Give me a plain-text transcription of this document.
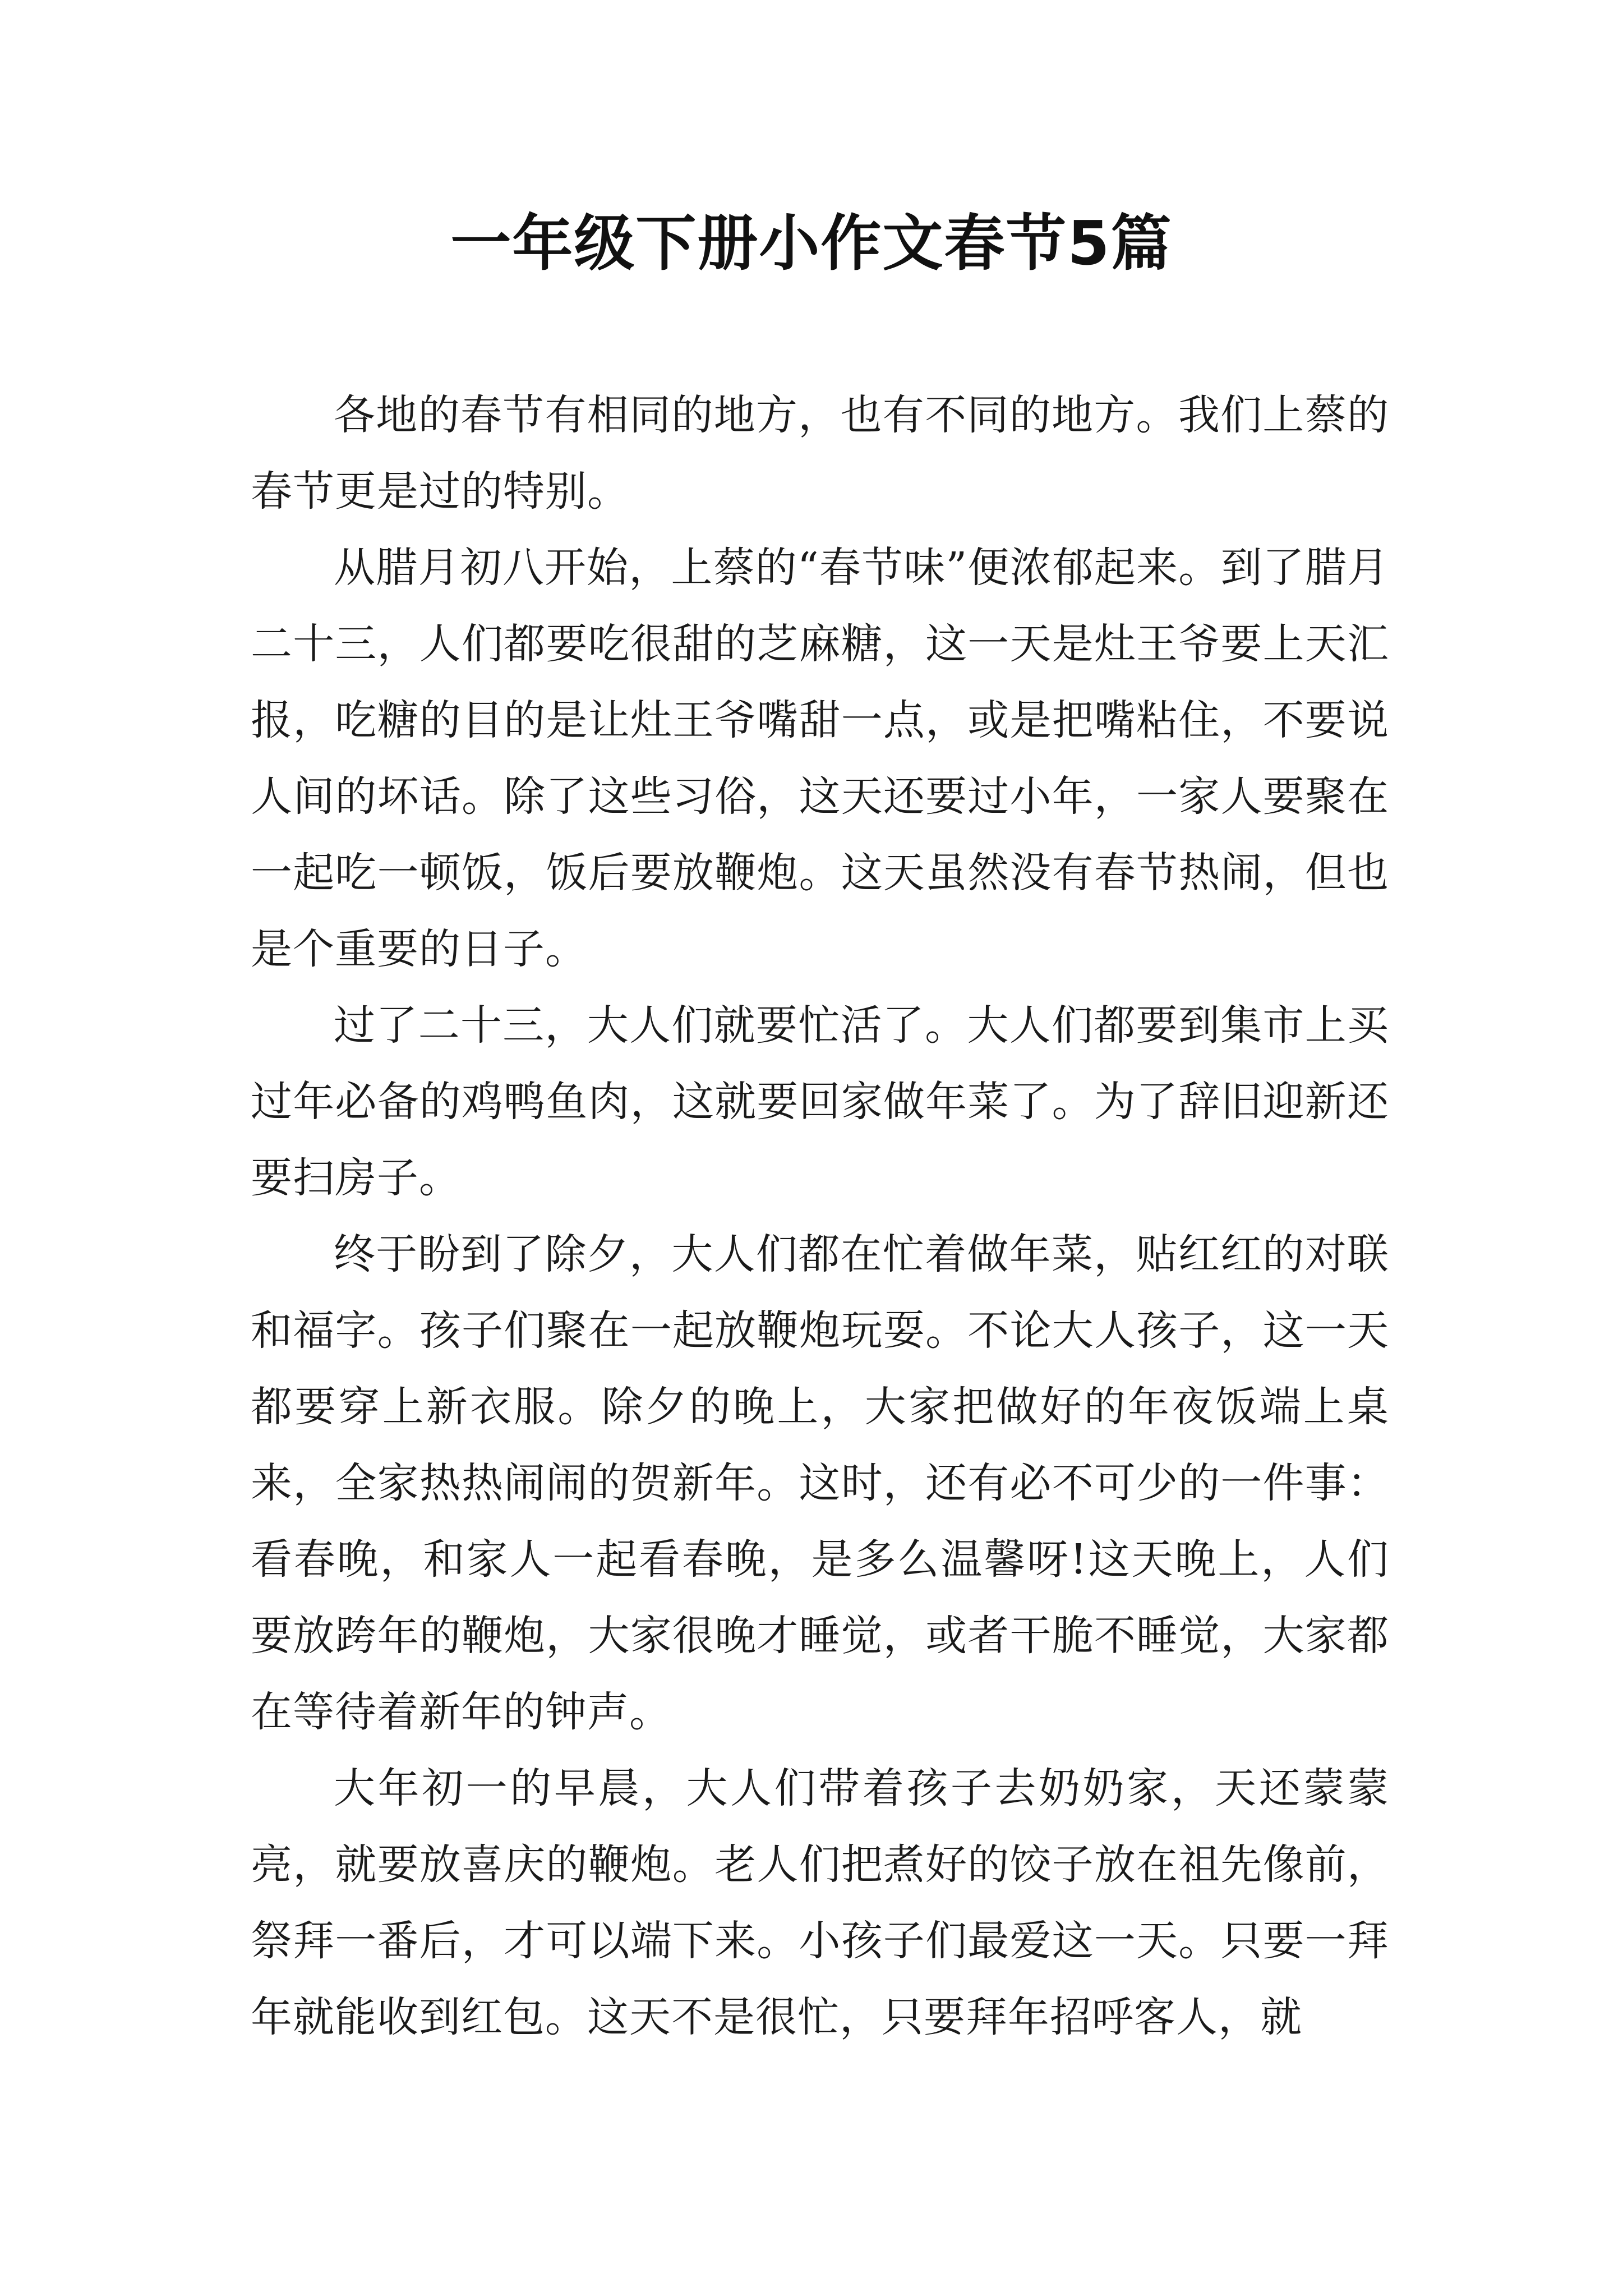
一年级下册小作文春节5篇

各地的春节有相同的地方，也有不同的地方。我们上蔡的春节更是过的特别。

从腊月初八开始，上蔡的“春节味”便浓郁起来。到了腊月二十三，人们都要吃很甜的芝麻糖，这一天是灶王爷要上天汇报，吃糖的目的是让灶王爷嘴甜一点，或是把嘴粘住，不要说人间的坏话。除了这些习俗，这天还要过小年，一家人要聚在一起吃一顿饭，饭后要放鞭炮。这天虽然没有春节热闹，但也是个重要的日子。

过了二十三，大人们就要忙活了。大人们都要到集市上买过年必备的鸡鸭鱼肉，这就要回家做年菜了。为了辞旧迎新还要扫房子。

终于盼到了除夕，大人们都在忙着做年菜，贴红红的对联和福字。孩子们聚在一起放鞭炮玩耍。不论大人孩子，这一天都要穿上新衣服。除夕的晚上，大家把做好的年夜饭端上桌来，全家热热闹闹的贺新年。这时，还有必不可少的一件事：看春晚，和家人一起看春晚，是多么温馨呀!这天晚上，人们要放跨年的鞭炮，大家很晚才睡觉，或者干脆不睡觉，大家都在等待着新年的钟声。

大年初一的早晨，大人们带着孩子去奶奶家，天还蒙蒙亮，就要放喜庆的鞭炮。老人们把煮好的饺子放在祖先像前，祭拜一番后，才可以端下来。小孩子们最爱这一天。只要一拜年就能收到红包。这天不是很忙，只要拜年招呼客人，就
